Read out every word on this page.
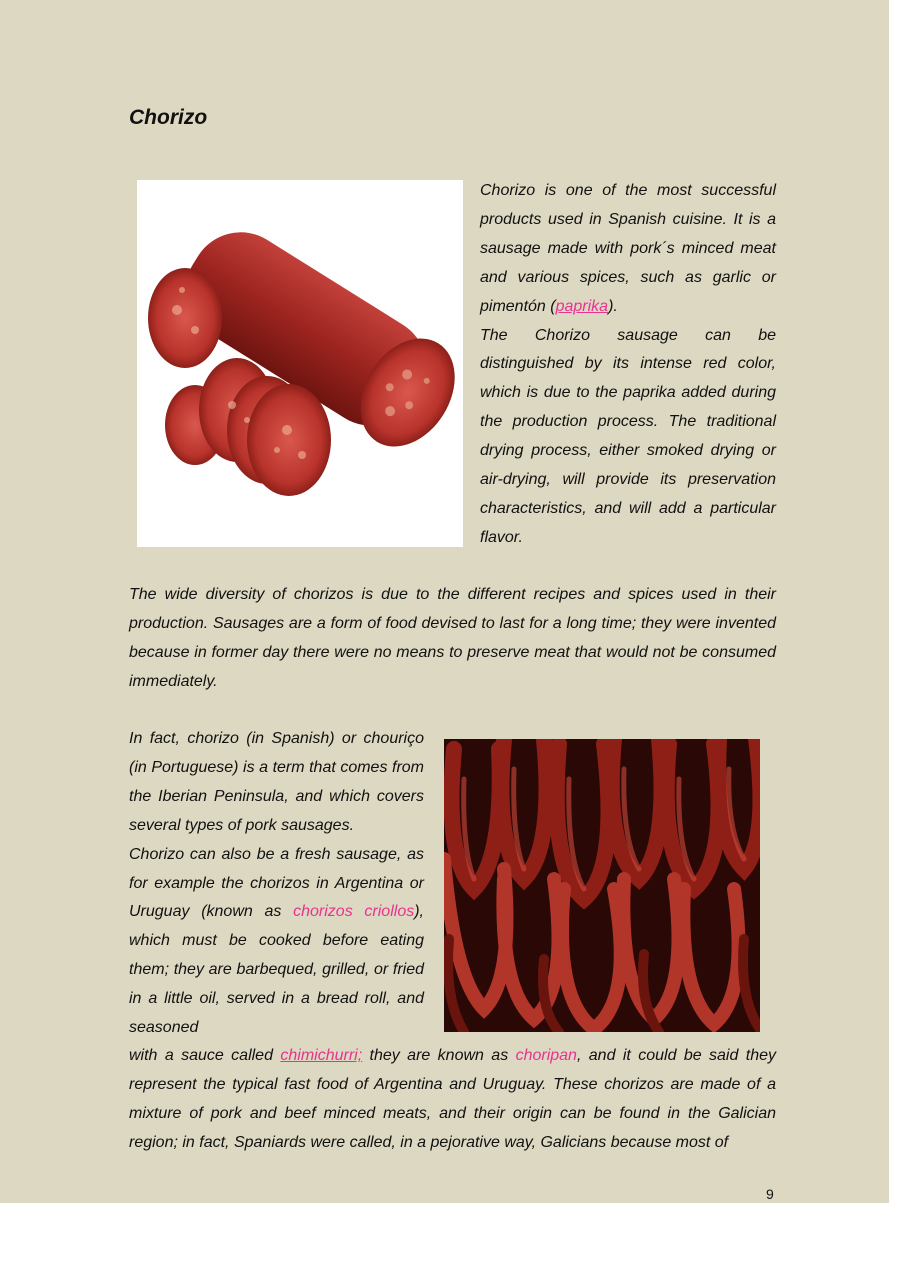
Chorizo

Chorizo is one of the most successful products used in Spanish cuisine. It is a sausage made with pork´s minced meat and various spices, such as garlic or pimentón (paprika).

The Chorizo sausage can be distinguished by its intense red color, which is due to the paprika added during the production process. The traditional drying process, either smoked drying or air-drying, will provide its preservation characteristics, and will add a particular flavor.

The wide diversity of chorizos is due to the different recipes and spices used in their production. Sausages are a form of food devised to last for a long time; they were invented because in former day there were no means to preserve meat that would not be consumed immediately.

In fact, chorizo (in Spanish) or chouriço (in Portuguese) is a term that comes from the Iberian Peninsula, and which covers several types of pork sausages.

Chorizo can also be a fresh sausage, as for example the chorizos in Argentina or Uruguay (known as chorizos criollos), which must be cooked before eating them; they are barbequed, grilled, or fried in a little oil, served in a bread roll, and seasoned

with a sauce called chimichurri; they are known as choripan, and it could be said they represent the typical fast food of Argentina and Uruguay. These chorizos are made of a mixture of pork and beef minced meats, and their origin can be found in the Galician region; in fact, Spaniards were called, in a pejorative way, Galicians because most of

9
